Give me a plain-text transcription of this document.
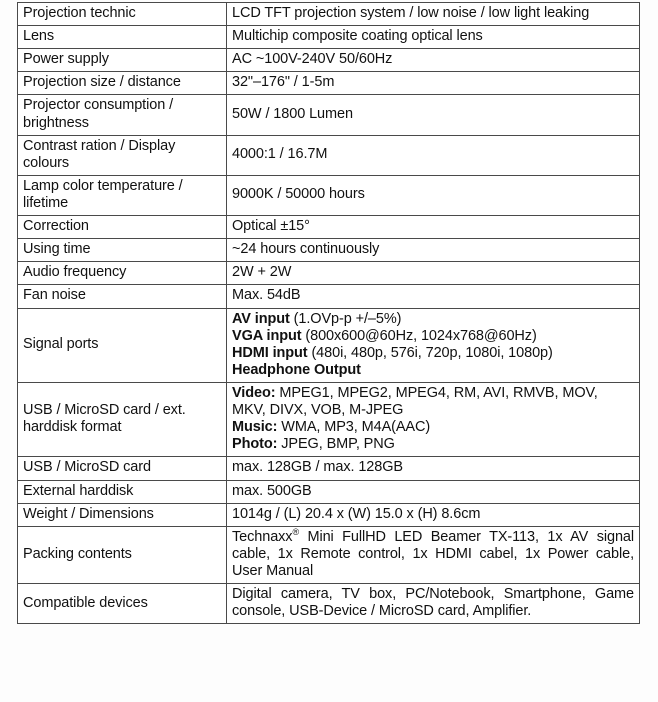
Projection technic	LCD TFT projection system / low noise / low light leaking
Lens	Multichip composite coating optical lens
Power supply	AC ~100V-240V 50/60Hz
Projection size / distance	32"–176" / 1-5m
Projector consumption / brightness	50W / 1800 Lumen
Contrast ration / Display colours	4000:1 / 16.7M
Lamp color temperature / lifetime	9000K / 50000 hours
Correction	Optical ±15°
Using time	~24 hours continuously
Audio frequency	2W + 2W
Fan noise	Max. 54dB
Signal ports	AV input (1.OVp-p +/–5%)
VGA input (800x600@60Hz, 1024x768@60Hz)
HDMI input (480i, 480p, 576i, 720p, 1080i, 1080p)
Headphone Output

USB / MicroSD card / ext. harddisk format	Video: MPEG1, MPEG2, MPEG4, RM, AVI, RMVB, MOV, MKV, DIVX, VOB, M-JPEG
Music: WMA, MP3, M4A(AAC)
Photo: JPEG, BMP, PNG

USB / MicroSD card	max. 128GB / max. 128GB
External harddisk	max. 500GB
Weight / Dimensions	1014g / (L) 20.4 x (W) 15.0 x (H) 8.6cm
Packing contents	Technaxx® Mini FullHD LED Beamer TX-113, 1x AV signal cable, 1x Remote control, 1x HDMI cabel, 1x Power cable, User Manual
Compatible devices	Digital camera, TV box, PC/Notebook, Smartphone, Game console, USB-Device / MicroSD card, Amplifier.
